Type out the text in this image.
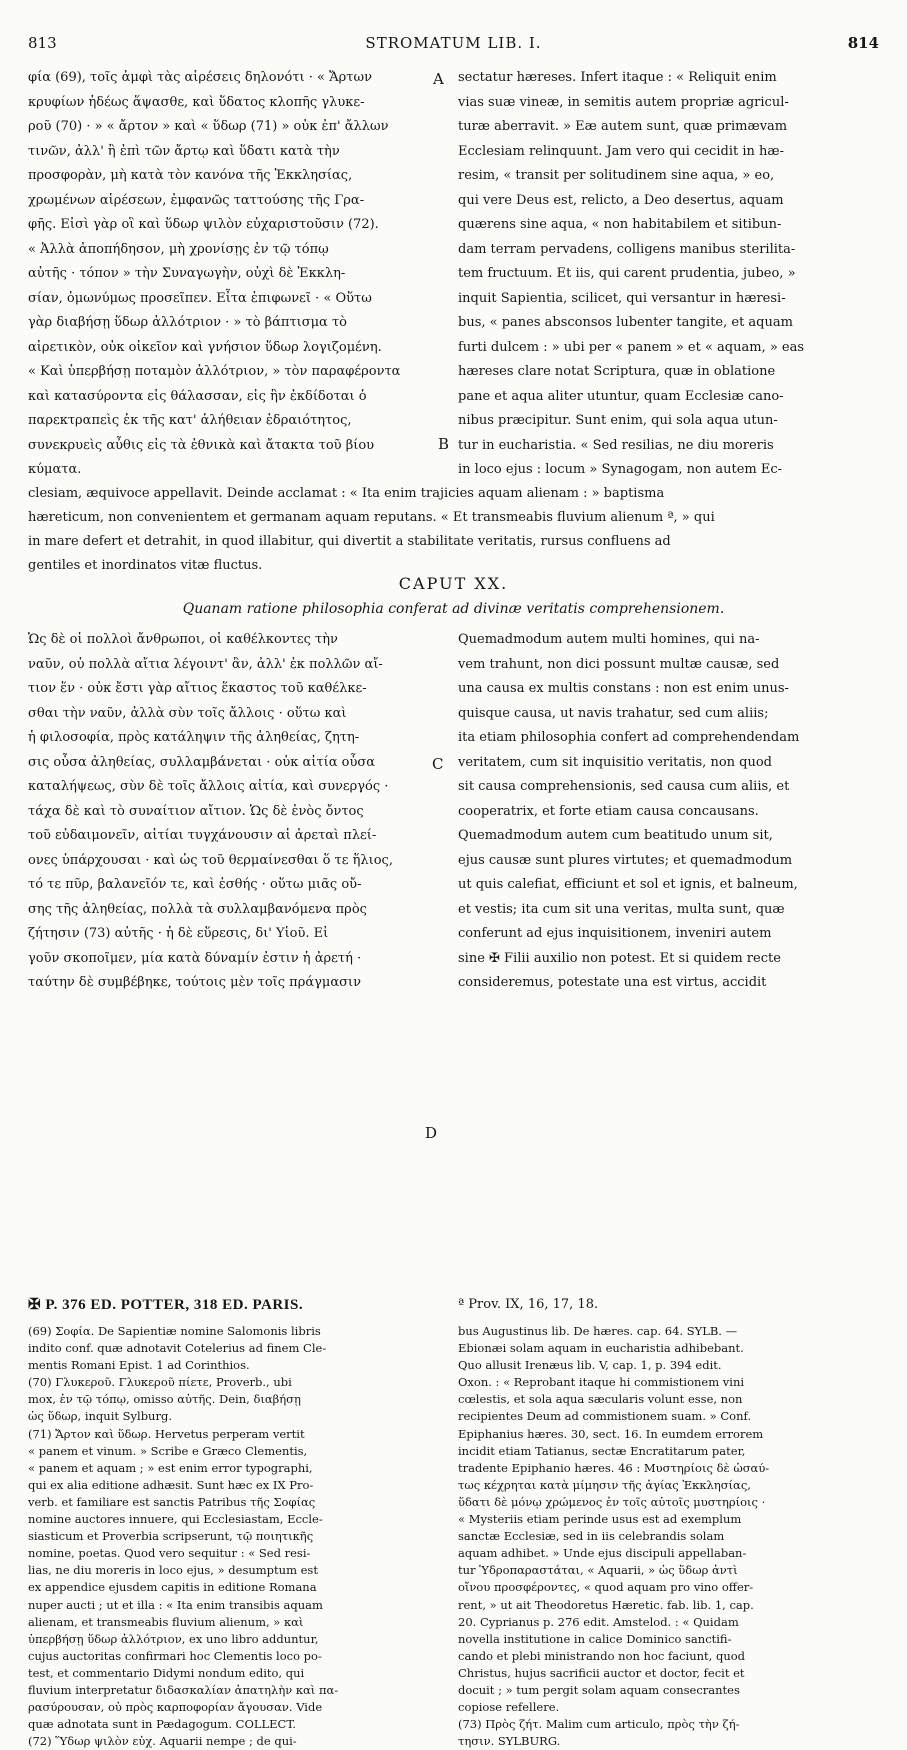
813	STROMATUM LIB. I.	814
φία (69), τοῖς ἀμφὶ τὰς αἱρέσεις δηλονότι · « Ἄρτων
κρυφίων ἡδέως ἅψασθε, καὶ ὕδατος κλοπῆς γλυκε-
ροῦ (70) · » « ἄρτον » καὶ « ὕδωρ (71) » οὐκ ἐπ' ἄλλων
τινῶν, ἀλλ' ἢ ἐπὶ τῶν ἄρτῳ καὶ ὕδατι κατὰ τὴν
προσφορὰν, μὴ κατὰ τὸν κανόνα τῆς Ἐκκλησίας,
χρωμένων αἱρέσεων, ἐμφανῶς ταττούσης τῆς Γρα-
φῆς. Εἰσὶ γὰρ οἳ καὶ ὕδωρ ψιλὸν εὐχαριστοῦσιν (72).
« Ἀλλὰ ἀποπήδησον, μὴ χρονίσῃς ἐν τῷ τόπῳ
αὐτῆς · τόπον » τὴν Συναγωγὴν, οὐχὶ δὲ Ἐκκλη-
σίαν, ὁμωνύμως προσεῖπεν. Εἶτα ἐπιφωνεῖ · « Οὕτω
γὰρ διαβήσῃ ὕδωρ ἀλλότριον · » τὸ βάπτισμα τὸ
αἱρετικὸν, οὐκ οἰκεῖον καὶ γνήσιον ὕδωρ λογιζομένη.
« Καὶ ὑπερβήσῃ ποταμὸν ἀλλότριον, » τὸν παραφέροντα
καὶ κατασύροντα εἰς θάλασσαν, εἰς ἣν ἐκδίδοται ὁ
παρεκτραπεὶς ἐκ τῆς κατ' ἀλήθειαν ἑδραιότητος,
συνεκρυεὶς αὖθις εἰς τὰ ἐθνικὰ καὶ ἄτακτα τοῦ βίου
κύματα.
sectatur hæreses. Infert itaque : « Reliquit enim
vias suæ vineæ, in semitis autem propriæ agricul-
turæ aberravit. » Eæ autem sunt, quæ primævam
Ecclesiam relinquunt. Jam vero qui cecidit in hæ-
resim, « transit per solitudinem sine aqua, » eo,
qui vere Deus est, relicto, a Deo desertus, aquam
quærens sine aqua, « non habitabilem et sitibun-
dam terram pervadens, colligens manibus sterilita-
tem fructuum. Et iis, qui carent prudentia, jubeo, »
inquit Sapientia, scilicet, qui versantur in hæresi-
bus, « panes absconsos lubenter tangite, et aquam
furti dulcem : » ubi per « panem » et « aquam, » eas
hæreses clare notat Scriptura, quæ in oblatione
pane et aqua aliter utuntur, quam Ecclesiæ cano-
nibus præcipitur. Sunt enim, qui sola aqua utun-
tur in eucharistia. « Sed resilias, ne diu moreris
in loco ejus : locum » Synagogam, non autem Ec-
A
B
clesiam, æquivoce appellavit. Deinde acclamat : « Ita enim trajicies aquam alienam : » baptisma
hæreticum, non convenientem et germanam aquam reputans. « Et transmeabis fluvium alienum ª, » qui
in mare defert et detrahit, in quod illabitur, qui divertit a stabilitate veritatis, rursus confluens ad
gentiles et inordinatos vitæ fluctus.
CAPUT XX.
Quanam ratione philosophia conferat ad divinæ veritatis comprehensionem.
Ὡς δὲ οἱ πολλοὶ ἄνθρωποι, οἱ καθέλκοντες τὴν
ναῦν, οὐ πολλὰ αἴτια λέγοιντ' ἂν, ἀλλ' ἐκ πολλῶν αἴ-
τιον ἕν · οὐκ ἔστι γὰρ αἴτιος ἕκαστος τοῦ καθέλκε-
σθαι τὴν ναῦν, ἀλλὰ σὺν τοῖς ἄλλοις · οὕτω καὶ
ἡ φιλοσοφία, πρὸς κατάληψιν τῆς ἀληθείας, ζητη-
σις οὖσα ἀληθείας, συλλαμβάνεται · οὐκ αἰτία οὖσα
καταλήψεως, σὺν δὲ τοῖς ἄλλοις αἰτία, καὶ συνεργός ·
τάχα δὲ καὶ τὸ συναίτιον αἴτιον. Ὡς δὲ ἑνὸς ὄντος
τοῦ εὐδαιμονεῖν, αἰτίαι τυγχάνουσιν αἱ ἀρεταὶ πλεί-
ονες ὑπάρχουσαι · καὶ ὡς τοῦ θερμαίνεσθαι ὅ τε ἥλιος,
τό τε πῦρ, βαλανεῖόν τε, καὶ ἐσθής · οὕτω μιᾶς οὔ-
σης τῆς ἀληθείας, πολλὰ τὰ συλλαμβανόμενα πρὸς
ζήτησιν (73) αὐτῆς · ἡ δὲ εὕρεσις, δι' Υἱοῦ. Εἰ
γοῦν σκοποῖμεν, μία κατὰ δύναμίν ἐστιν ἡ ἀρετή ·
ταύτην δὲ συμβέβηκε, τούτοις μὲν τοῖς πράγμασιν
Quemadmodum autem multi homines, qui na-
vem trahunt, non dici possunt multæ causæ, sed
una causa ex multis constans : non est enim unus-
quisque causa, ut navis trahatur, sed cum aliis;
ita etiam philosophia confert ad comprehendendam
veritatem, cum sit inquisitio veritatis, non quod
sit causa comprehensionis, sed causa cum aliis, et
cooperatrix, et forte etiam causa concausans.
Quemadmodum autem cum beatitudo unum sit,
ejus causæ sunt plures virtutes; et quemadmodum
ut quis calefiat, efficiunt et sol et ignis, et balneum,
et vestis; ita cum sit una veritas, multa sunt, quæ
conferunt ad ejus inquisitionem, inveniri autem
sine ✠ Filii auxilio non potest. Et si quidem recte
consideremus, potestate una est virtus, accidit
C
✠ P. 376 ED. POTTER, 318 ED. PARIS.	ª Prov. IX, 16, 17, 18.
(69) Σοφία. De Sapientiæ nomine Salomonis libris
indito conf. quæ adnotavit Cotelerius ad finem Cle-
mentis Romani Epist. 1 ad Corinthios.
(70) Γλυκεροῦ. Γλυκεροῦ πίετε, Proverb., ubi
mox, ἐν τῷ τόπῳ, omisso αὐτῆς. Dein, διαβήσῃ
ὡς ὕδωρ, inquit Sylburg.
(71) Ἄρτον καὶ ὕδωρ. Hervetus perperam vertit
« panem et vinum. » Scribe e Græco Clementis,
« panem et aquam ; » est enim error typographi,
qui ex alia editione adhæsit. Sunt hæc ex IX Pro-
verb. et familiare est sanctis Patribus τῆς Σοφίας
nomine auctores innuere, qui Ecclesiastam, Eccle-
siasticum et Proverbia scripserunt, τῷ ποιητικῆς
nomine, poetas. Quod vero sequitur : « Sed resi-
lias, ne diu moreris in loco ejus, » desumptum est
ex appendice ejusdem capitis in editione Romana
nuper aucti ; ut et illa : « Ita enim transibis aquam
alienam, et transmeabis fluvium alienum, » καὶ
ὑπερβήσῃ ὕδωρ ἀλλότριον, ex uno libro adduntur,
cujus auctoritas confirmari hoc Clementis loco po-
test, et commentario Didymi nondum edito, qui
fluvium interpretatur διδασκαλίαν ἀπατηλὴν καὶ πα-
ρασύρουσαν, οὐ πρὸς καρποφορίαν ἄγουσαν. Vide
quæ adnotata sunt in Pædagogum. COLLECT.
(72) Ὕδωρ ψιλὸν εὐχ. Aquarii nempe ; de qui-
bus Augustinus lib. De hæres. cap. 64. SYLB. —
Ebionæi solam aquam in eucharistia adhibebant.
Quo allusit Irenæus lib. V, cap. 1, p. 394 edit.
Oxon. : « Reprobant itaque hi commistionem vini
cœlestis, et sola aqua sæcularis volunt esse, non
recipientes Deum ad commistionem suam. » Conf.
Epiphanius hæres. 30, sect. 16. In eumdem errorem
incidit etiam Tatianus, sectæ Encratitarum pater,
tradente Epiphanio hæres. 46 : Μυστηρίοις δὲ ὡσαύ-
τως κέχρηται κατὰ μίμησιν τῆς ἁγίας Ἐκκλησίας,
ὕδατι δὲ μόνῳ χρώμενος ἐν τοῖς αὐτοῖς μυστηρίοις ·
« Mysteriis etiam perinde usus est ad exemplum
sanctæ Ecclesiæ, sed in iis celebrandis solam
aquam adhibet. » Unde ejus discipuli appellaban-
tur Ὑδροπαραστάται, « Aquarii, » ὡς ὕδωρ ἀντὶ
οἴνου προσφέροντες, « quod aquam pro vino offer-
rent, » ut ait Theodoretus Hæretic. fab. lib. 1, cap.
20. Cyprianus p. 276 edit. Amstelod. : « Quidam
novella institutione in calice Dominico sanctifi-
cando et plebi ministrando non hoc faciunt, quod
Christus, hujus sacrificii auctor et doctor, fecit et
docuit ; » tum pergit solam aquam consecrantes
copiose refellere.
(73) Πρὸς ζήτ. Malim cum articulo, πρὸς τὴν ζή-
τησιν. SYLBURG.
D
